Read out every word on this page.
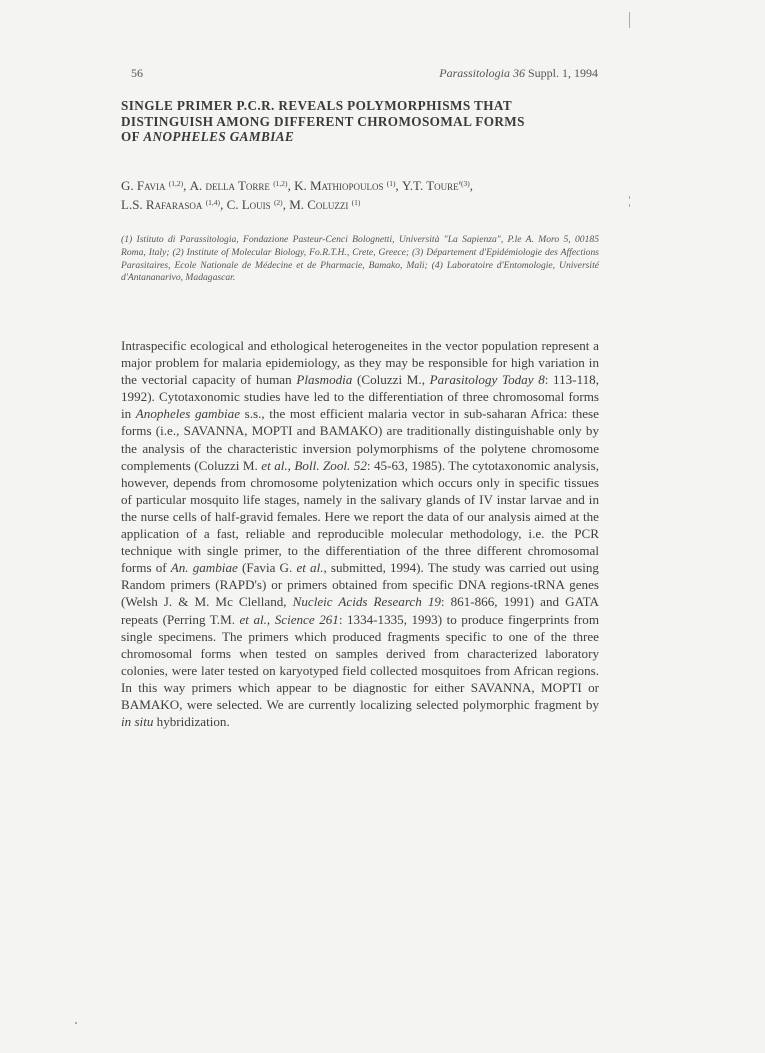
56	Parassitologia 36 Suppl. 1, 1994
SINGLE PRIMER P.C.R. REVEALS POLYMORPHISMS THAT
DISTINGUISH AMONG DIFFERENT CHROMOSOMAL FORMS
OF ANOPHELES GAMBIAE
G. Favia $^{(1,2)}$, A. della Torre $^{(1,2)}$, K. Mathiopoulos $^{(1)}$, Y.T. $Toure'^{(3)}$,
L.S. Rafarasoa $^{(1,4)}$, C. Louis $^{(2)}$, M. Coluzzi $^{(1)}$
(1) Istituto di Parassitologia, Fondazione Pasteur-Cenci Bolognetti, Università "La Sapienza", P.le A. Moro 5, 00185 Roma, Italy; (2) Institute of Molecular Biology, Fo.R.T.H., Crete, Greece; (3) Département d'Epidémiologie des Affections Parasitaires, Ecole Nationale de Médecine et de Pharmacie, Bamako, Mali; (4) Laboratoire d'Entomologie, Université d'Antananarivo, Madagascar.
Intraspecific ecological and ethological heterogeneites in the vector population represent a major problem for malaria epidemiology, as they may be responsible for high variation in the vectorial capacity of human Plasmodia (Coluzzi M., Parasitology Today 8: 113-118, 1992). Cytotaxonomic studies have led to the differentiation of three chromosomal forms in Anopheles gambiae s.s., the most efficient malaria vector in sub-saharan Africa: these forms (i.e., SAVANNA, MOPTI and BAMAKO) are traditionally distinguishable only by the analysis of the characteristic inversion polymorphisms of the polytene chromosome complements (Coluzzi M. et al., Boll. Zool. 52: 45-63, 1985). The cytotaxonomic analysis, however, depends from chromosome polytenization which occurs only in specific tissues of particular mosquito life stages, namely in the salivary glands of IV instar larvae and in the nurse cells of half-gravid females. Here we report the data of our analysis aimed at the application of a fast, reliable and reproducible molecular methodology, i.e. the PCR technique with single primer, to the differentiation of the three different chromosomal forms of An. gambiae (Favia G. et al., submitted, 1994). The study was carried out using Random primers (RAPD's) or primers obtained from specific DNA regions-tRNA genes (Welsh J. & M. Mc Clelland, Nucleic Acids Research 19: 861-866, 1991) and GATA repeats (Perring T.M. et al., Science 261: 1334-1335, 1993) to produce fingerprints from single specimens. The primers which produced fragments specific to one of the three chromosomal forms when tested on samples derived from characterized laboratory colonies, were later tested on karyotyped field collected mosquitoes from African regions. In this way primers which appear to be diagnostic for either SAVANNA, MOPTI or BAMAKO, were selected. We are currently localizing selected polymorphic fragment by in situ hybridization.
